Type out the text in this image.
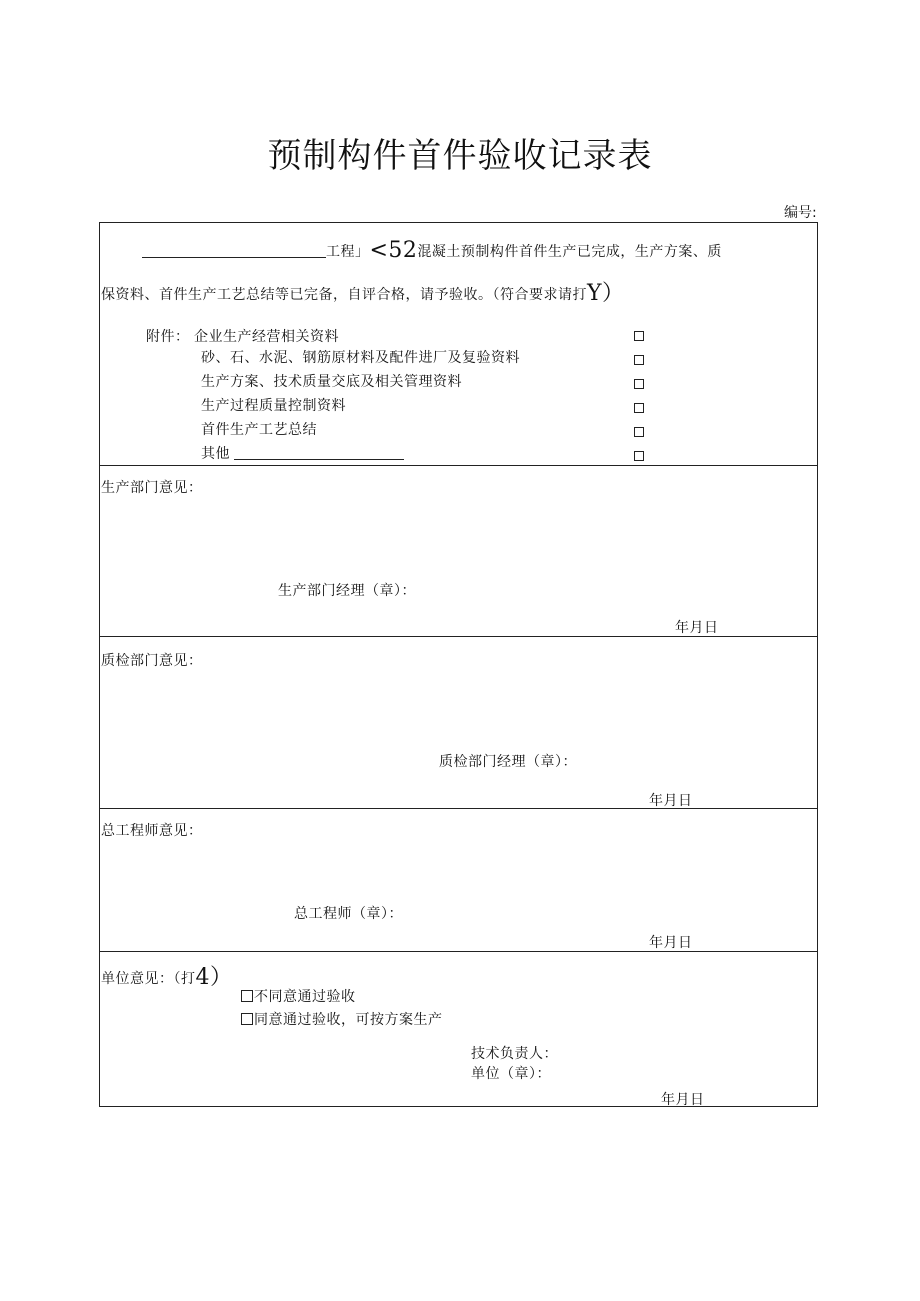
预制构件首件验收记录表
编号:
工程」<52混凝土预制构件首件生产已完成，生产方案、质
保资料、首件生产工艺总结等已完备，自评合格，请予验收。（符合要求请打Y）
附件： 企业生产经营相关资料
砂、石、水泥、钢筋原材料及配件进厂及复验资料
生产方案、技术质量交底及相关管理资料
生产过程质量控制资料
首件生产工艺总结
其他
生产部门意见：
生产部门经理（章）：
年月日
质检部门意见：
质检部门经理（章）：
年月日
总工程师意见：
总工程师（章）：
年月日
单位意见：（打4）
不同意通过验收
同意通过验收，可按方案生产
技术负责人：
单位（章）：
年月日
